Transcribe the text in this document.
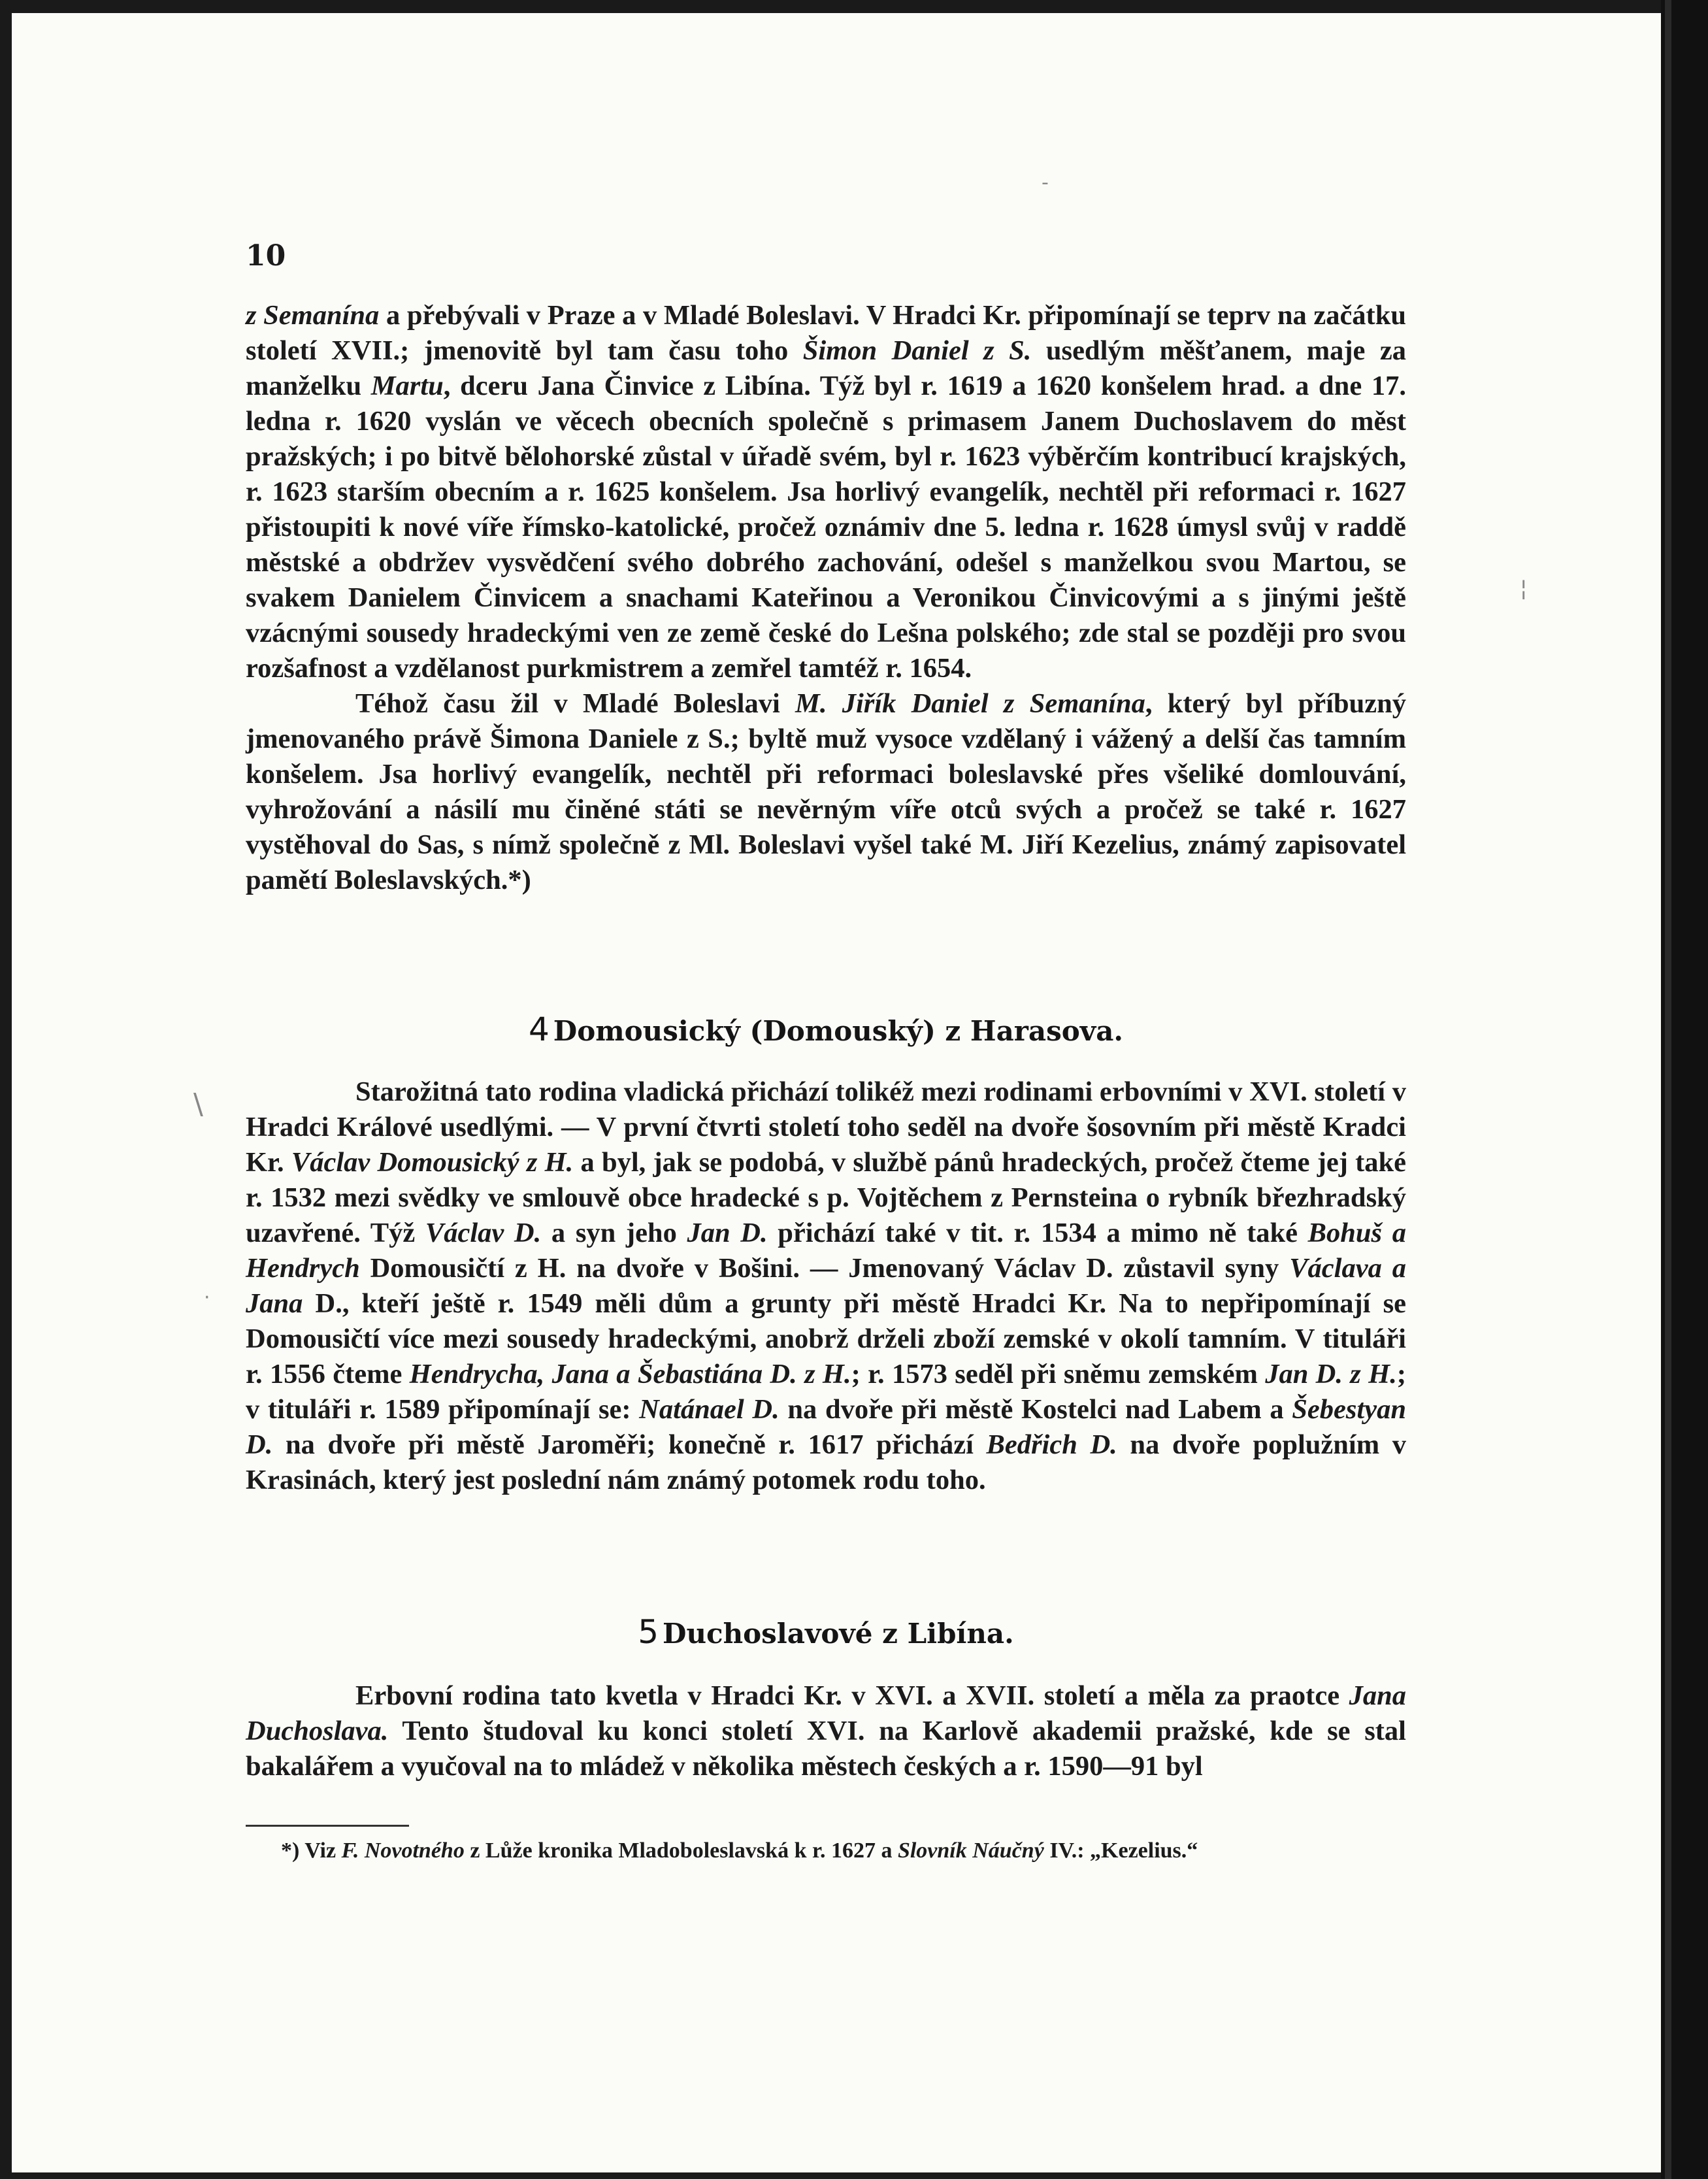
10

z Semanína a přebývali v Praze a v Mladé Boleslavi. V Hradci Kr. připomínají se teprv na začátku století XVII.; jmenovitě byl tam času toho Šimon Daniel z S. usedlým měšťanem, maje za manželku Martu, dceru Jana Činvice z Libína. Týž byl r. 1619 a 1620 konšelem hrad. a dne 17. ledna r. 1620 vyslán ve věcech obecních společně s primasem Janem Duchoslavem do měst pražských; i po bitvě bělohorské zůstal v úřadě svém, byl r. 1623 výběrčím kontribucí krajských, r. 1623 starším obecním a r. 1625 konšelem. Jsa horlivý evangelík, nechtěl při reformaci r. 1627 přistoupiti k nové víře římsko-katolické, pročež oznámiv dne 5. ledna r. 1628 úmysl svůj v raddě městské a obdržev vysvědčení svého dobrého zachování, odešel s manželkou svou Martou, se svakem Danielem Činvicem a snachami Kateřinou a Veronikou Činvicovými a s jinými ještě vzácnými sousedy hradeckými ven ze země české do Lešna polského; zde stal se později pro svou rozšafnost a vzdělanost purkmistrem a zemřel tamtéž r. 1654.

Téhož času žil v Mladé Boleslavi M. Jiřík Daniel z Semanína, který byl příbuzný jmenovaného právě Šimona Daniele z S.; byltě muž vysoce vzdělaný i vážený a delší čas tamním konšelem. Jsa horlivý evangelík, nechtěl při reformaci boleslavské přes všeliké domlouvání, vyhrožování a násilí mu činěné státi se nevěrným víře otců svých a pročež se také r. 1627 vystěhoval do Sas, s nímž společně z Ml. Boleslavi vyšel také M. Jiří Kezelius, známý zapisovatel pamětí Boleslavských.*)

4 Domousický (Domouský) z Harasova.

Starožitná tato rodina vladická přichází tolikéž mezi rodinami erbovními v XVI. století v Hradci Králové usedlými. — V první čtvrti století toho seděl na dvoře šosovním při městě Kradci Kr. Václav Domousický z H. a byl, jak se podobá, v službě pánů hradeckých, pročež čteme jej také r. 1532 mezi svědky ve smlouvě obce hradecké s p. Vojtěchem z Pernsteina o rybník březhradský uzavřené. Týž Václav D. a syn jeho Jan D. přichází také v tit. r. 1534 a mimo ně také Bohuš a Hendrych Domousičtí z H. na dvoře v Bošini. — Jmenovaný Václav D. zůstavil syny Václava a Jana D., kteří ještě r. 1549 měli dům a grunty při městě Hradci Kr. Na to nepřipomínají se Domousičtí více mezi sousedy hradeckými, anobrž drželi zboží zemské v okolí tamním. V tituláři r. 1556 čteme Hendrycha, Jana a Šebastiána D. z H.; r. 1573 seděl při sněmu zemském Jan D. z H.; v tituláři r. 1589 připomínají se: Natánael D. na dvoře při městě Kostelci nad Labem a Šebestyan D. na dvoře při městě Jaroměři; konečně r. 1617 přichází Bedřich D. na dvoře poplužním v Krasinách, který jest poslední nám známý potomek rodu toho.

5 Duchoslavové z Libína.

Erbovní rodina tato kvetla v Hradci Kr. v XVI. a XVII. století a měla za praotce Jana Duchoslava. Tento študoval ku konci století XVI. na Karlově akademii pražské, kde se stal bakalářem a vyučoval na to mládež v několika městech českých a r. 1590—91 byl

*) Viz F. Novotného z Lůže kronika Mladoboleslavská k r. 1627 a Slovník Náučný IV.: „Kezelius.“
-
¦
\
·
